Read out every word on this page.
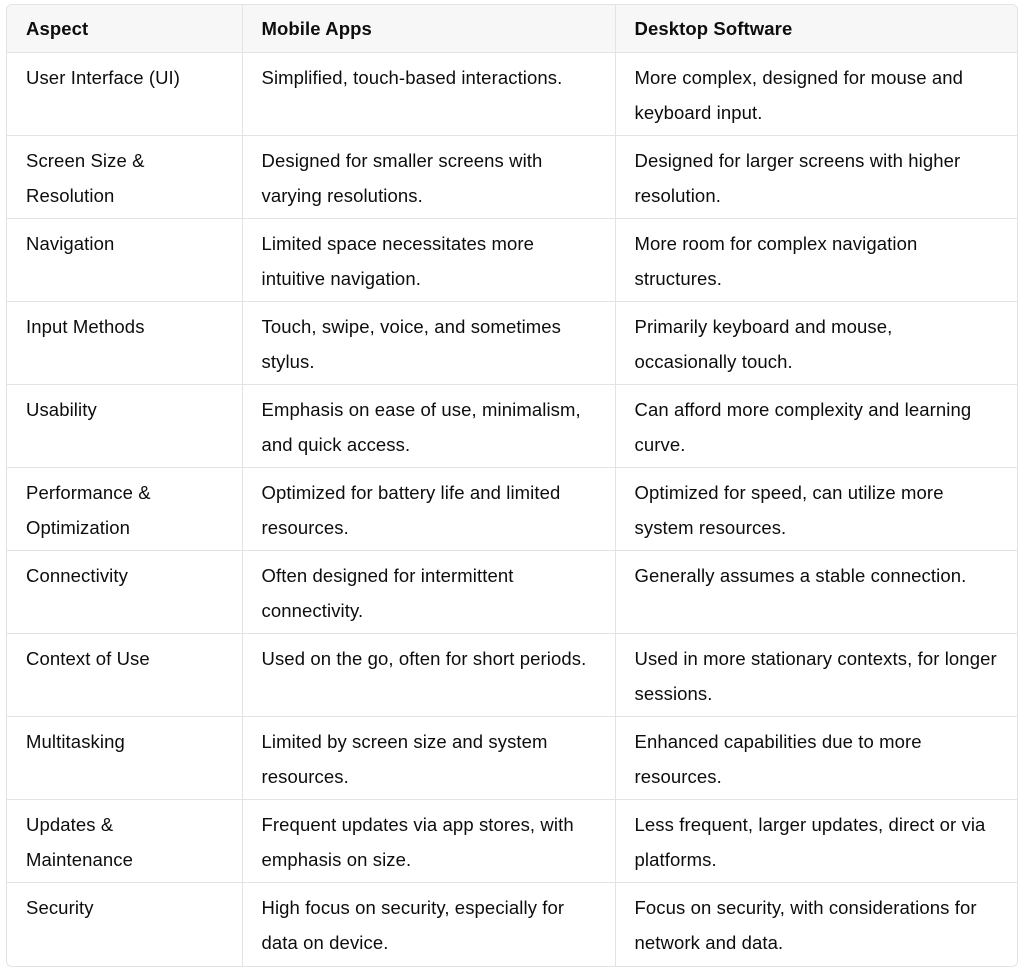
Aspect	Mobile Apps	Desktop Software
User Interface (UI)	Simplified, touch-based interactions.	More complex, designed for mouse and keyboard input.
Screen Size & Resolution	Designed for smaller screens with varying resolutions.	Designed for larger screens with higher resolution.
Navigation	Limited space necessitates more intuitive navigation.	More room for complex navigation structures.
Input Methods	Touch, swipe, voice, and sometimes stylus.	Primarily keyboard and mouse, occasionally touch.
Usability	Emphasis on ease of use, minimalism, and quick access.	Can afford more complexity and learning curve.
Performance & Optimization	Optimized for battery life and limited resources.	Optimized for speed, can utilize more system resources.
Connectivity	Often designed for intermittent connectivity.	Generally assumes a stable connection.
Context of Use	Used on the go, often for short periods.	Used in more stationary contexts, for longer sessions.
Multitasking	Limited by screen size and system resources.	Enhanced capabilities due to more resources.
Updates & Maintenance	Frequent updates via app stores, with emphasis on size.	Less frequent, larger updates, direct or via platforms.
Security	High focus on security, especially for data on device.	Focus on security, with considerations for network and data.
